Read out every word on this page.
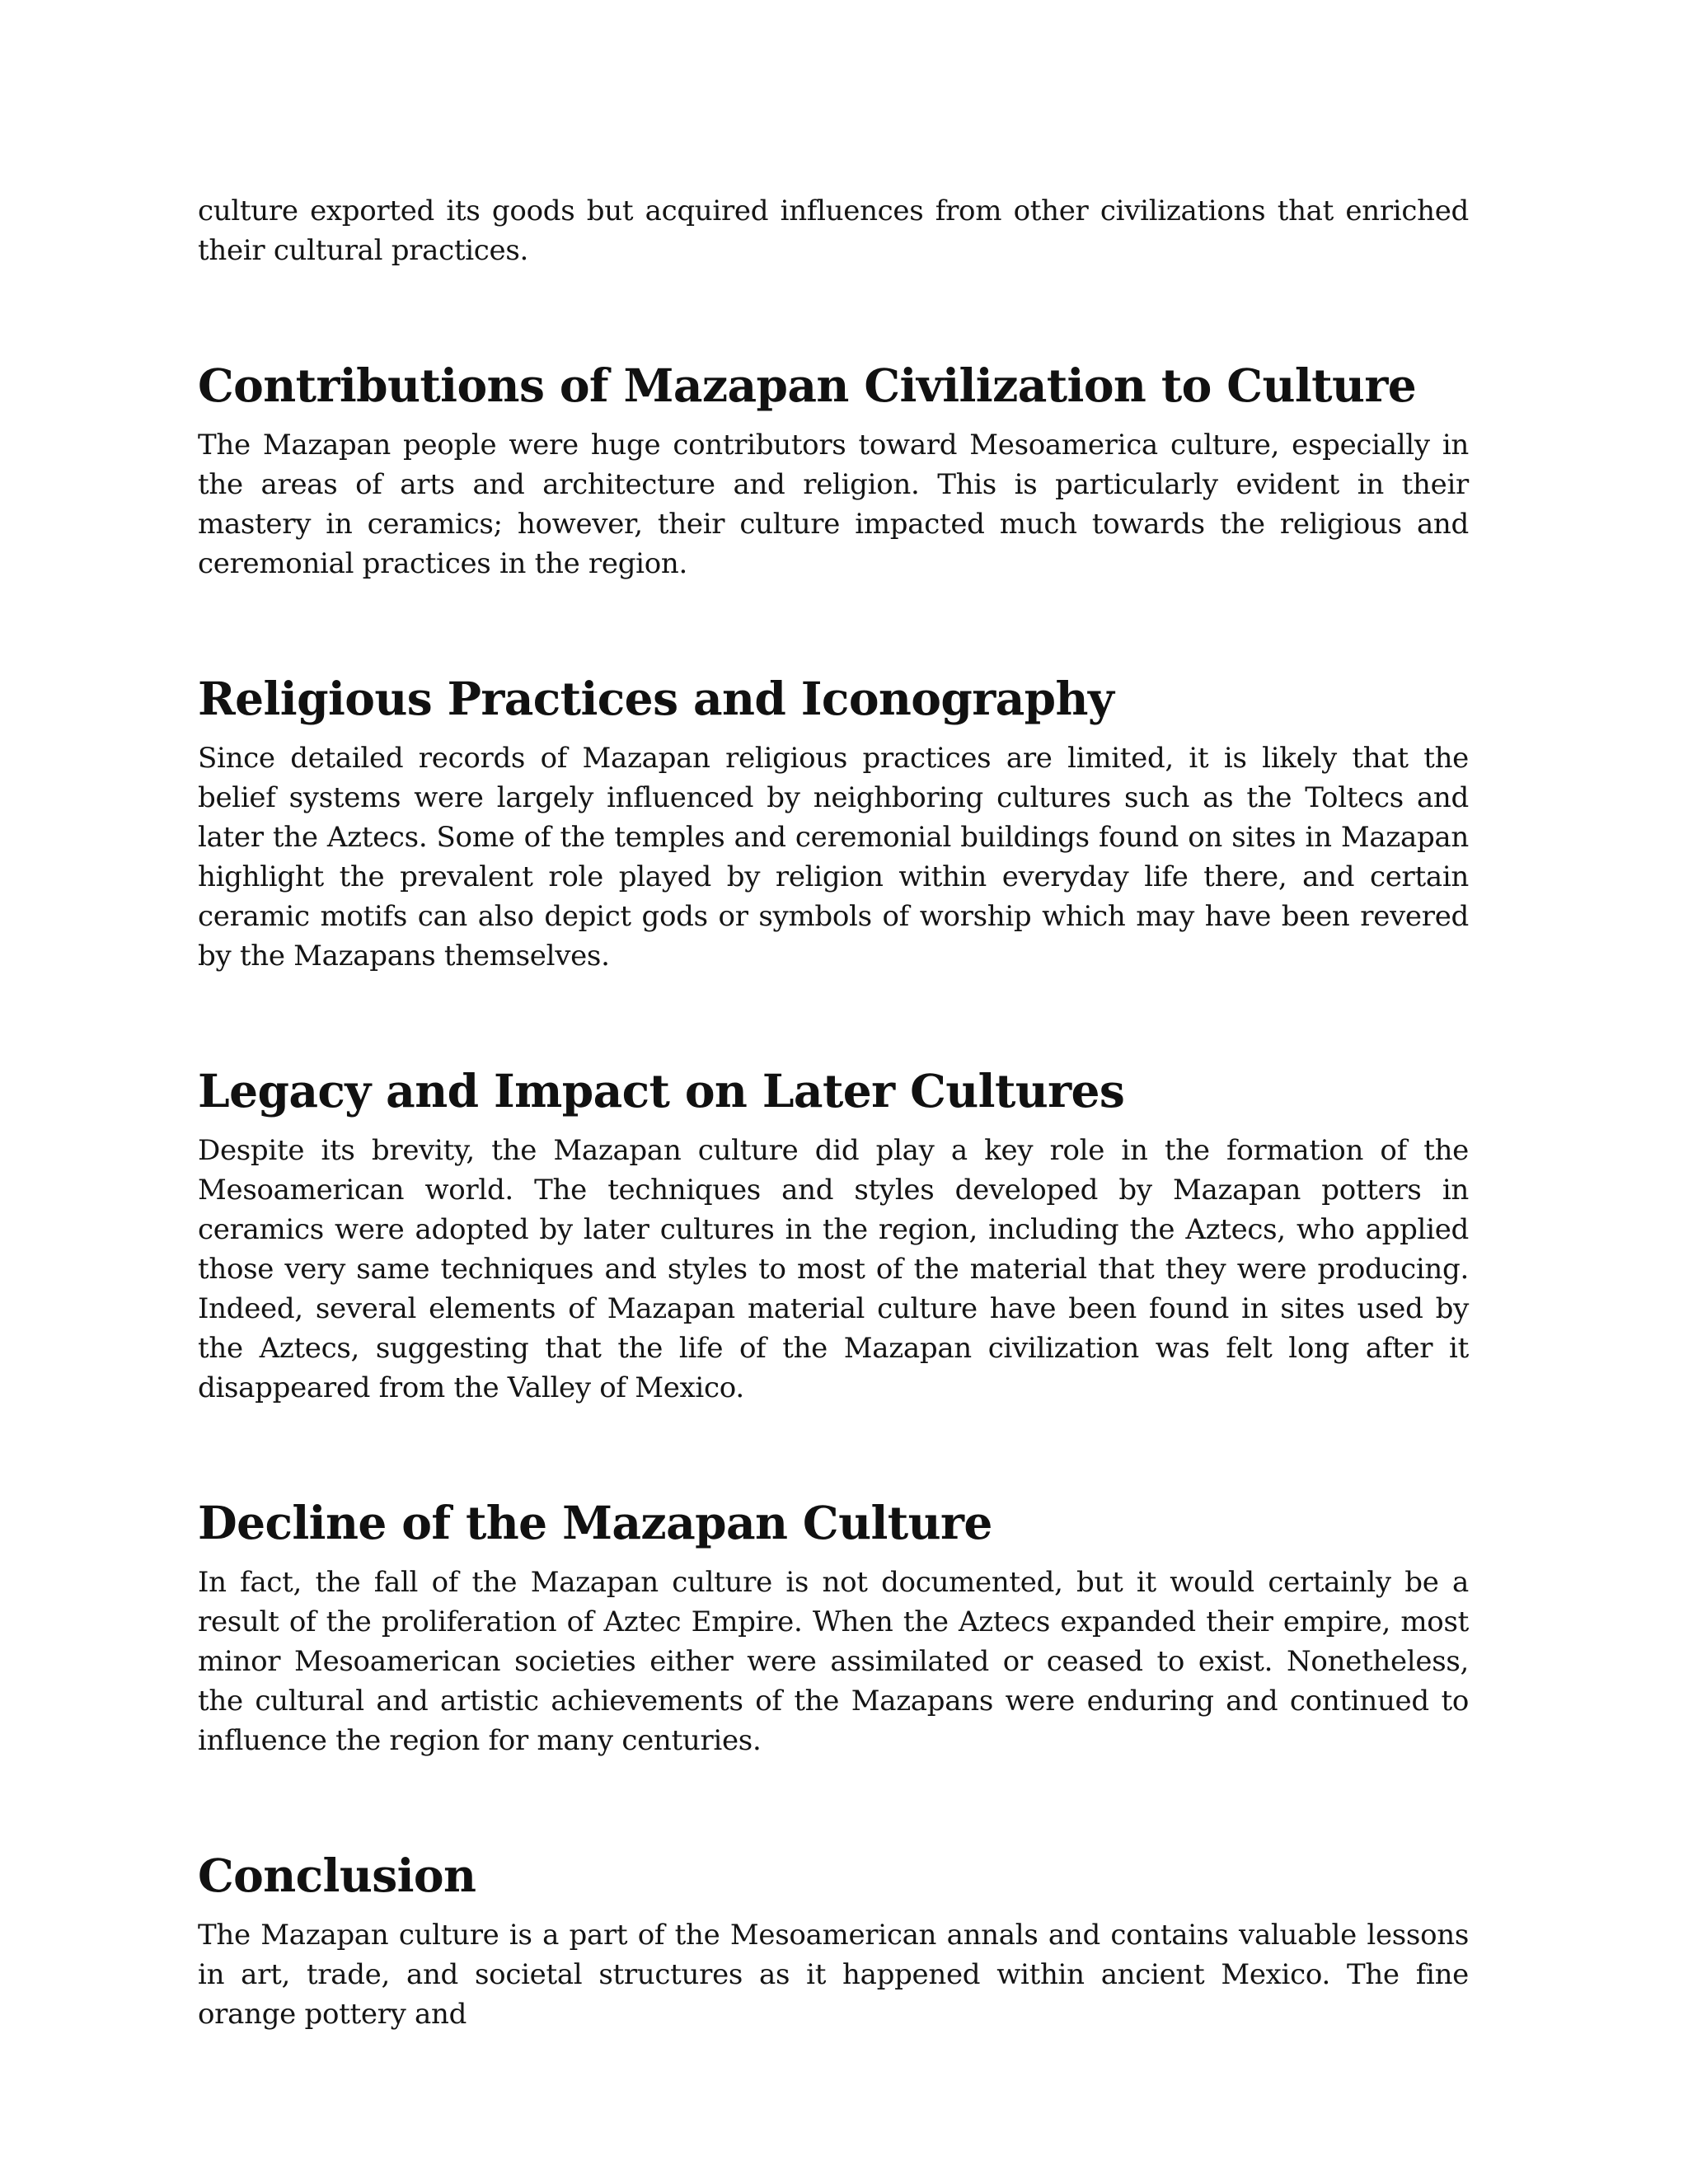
culture exported its goods but acquired influences from other civilizations that enriched their cultural practices.

Contributions of Mazapan Civilization to Culture

The Mazapan people were huge contributors toward Mesoamerica culture, especially in the areas of arts and architecture and religion. This is particularly evident in their mastery in ceramics; however, their culture impacted much towards the religious and ceremonial practices in the region.

Religious Practices and Iconography

Since detailed records of Mazapan religious practices are limited, it is likely that the belief systems were largely influenced by neighboring cultures such as the Toltecs and later the Aztecs. Some of the temples and ceremonial buildings found on sites in Mazapan highlight the prevalent role played by religion within everyday life there, and certain ceramic motifs can also depict gods or symbols of worship which may have been revered by the Mazapans themselves.

Legacy and Impact on Later Cultures

Despite its brevity, the Mazapan culture did play a key role in the formation of the Mesoamerican world. The techniques and styles developed by Mazapan potters in ceramics were adopted by later cultures in the region, including the Aztecs, who applied those very same techniques and styles to most of the material that they were producing. Indeed, several elements of Mazapan material culture have been found in sites used by the Aztecs, suggesting that the life of the Mazapan civilization was felt long after it disappeared from the Valley of Mexico.

Decline of the Mazapan Culture

In fact, the fall of the Mazapan culture is not documented, but it would certainly be a result of the proliferation of Aztec Empire. When the Aztecs expanded their empire, most minor Mesoamerican societies either were assimilated or ceased to exist. Nonetheless, the cultural and artistic achievements of the Mazapans were enduring and continued to influence the region for many centuries.

Conclusion

The Mazapan culture is a part of the Mesoamerican annals and contains valuable lessons in art, trade, and societal structures as it happened within ancient Mexico. The fine orange pottery and
